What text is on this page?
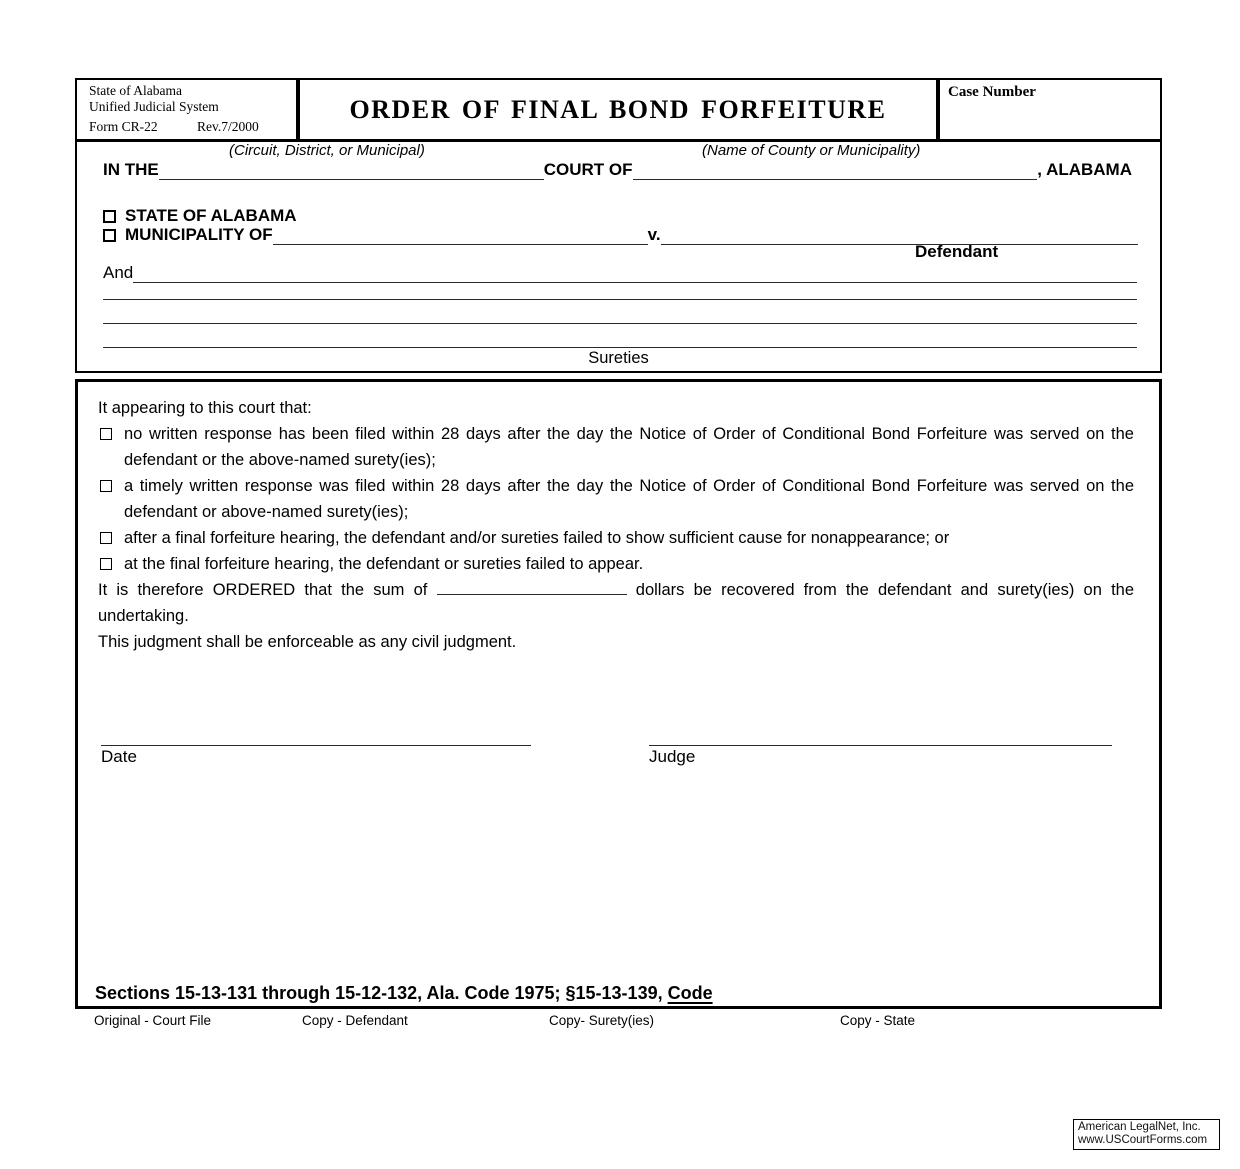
State of Alabama
Unified Judicial System
Form CR-22	Rev.7/2000
ORDER OF FINAL BOND FORFEITURE
Case Number
IN THE	COURT OF	, ALABAMA
(Circuit, District, or Municipal)	(Name of County or Municipality)
STATE OF ALABAMA
MUNICIPALITY OF	v.
Defendant
And
Sureties
It appearing to this court that:
no written response has been filed within 28 days after the day the Notice of Order of Conditional Bond Forfeiture was served on the defendant or the above-named surety(ies);
a timely written response was filed within 28 days after the day the Notice of Order of Conditional Bond Forfeiture was served on the defendant or above-named surety(ies);
after a final forfeiture hearing, the defendant and/or sureties failed to show sufficient cause for nonappearance; or
at the final forfeiture hearing, the defendant or sureties failed to appear.
It is therefore ORDERED that the sum of	dollars be recovered from the defendant and surety(ies) on the undertaking.
This judgment shall be enforceable as any civil judgment.
Date	Judge
Sections 15-13-131 through 15-12-132, Ala. Code 1975; §15-13-139, Code
Original - Court File	Copy - Defendant	Copy- Surety(ies)	Copy - State
American LegalNet, Inc.
www.USCourtForms.com
